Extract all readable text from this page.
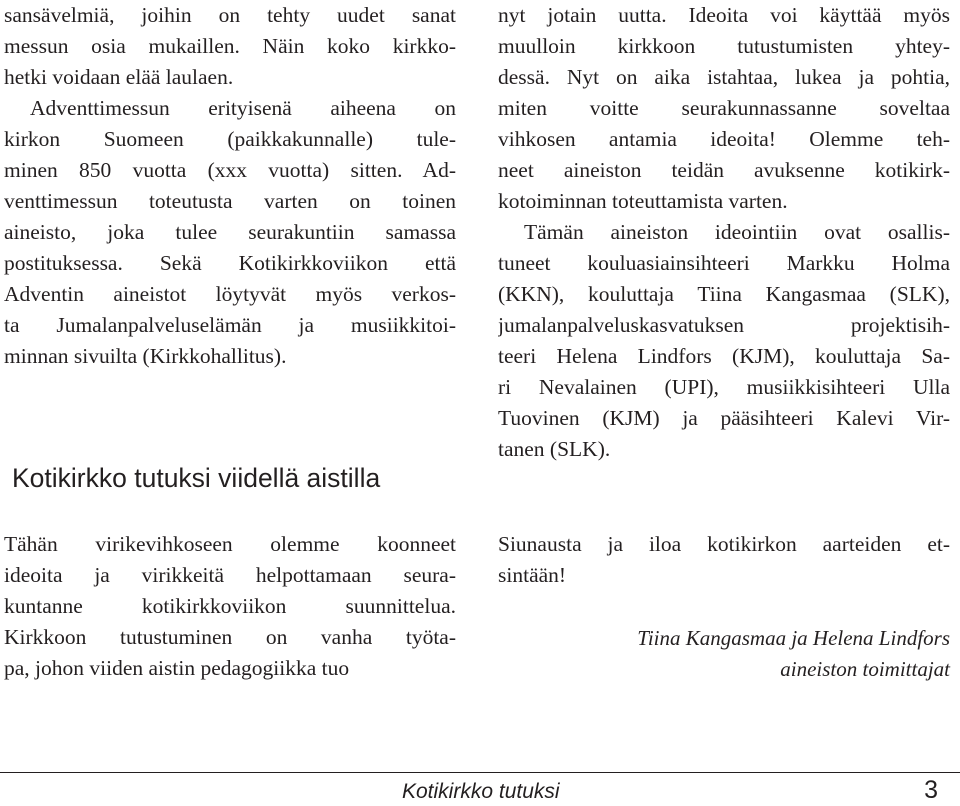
sansävelmiä, joihin on tehty uudet sanat
messun osia mukaillen. Näin koko kirkko-
hetki voidaan elää laulaen.
Adventtimessun erityisenä aiheena on
kirkon Suomeen (paikkakunnalle) tule-
minen 850 vuotta (xxx vuotta) sitten. Ad-
venttimessun toteutusta varten on toinen
aineisto, joka tulee seurakuntiin samassa
postituksessa. Sekä Kotikirkkoviikon että
Adventin aineistot löytyvät myös verkos-
ta Jumalanpalveluselämän ja musiikkitoi-
minnan sivuilta (Kirkkohallitus).
Tähän virikevihkoseen olemme koonneet
ideoita ja virikkeitä helpottamaan seura-
kuntanne kotikirkkoviikon suunnittelua.
Kirkkoon tutustuminen on vanha työta-
pa, johon viiden aistin pedagogiikka tuo
Kotikirkko tutuksi viidellä aistilla
nyt jotain uutta. Ideoita voi käyttää myös
muulloin kirkkoon tutustumisten yhtey-
dessä. Nyt on aika istahtaa, lukea ja pohtia,
miten voitte seurakunnassanne soveltaa
vihkosen antamia ideoita! Olemme teh-
neet aineiston teidän avuksenne kotikirk-
kotoiminnan toteuttamista varten.
Tämän aineiston ideointiin ovat osallis-
tuneet kouluasiainsihteeri Markku Holma
(KKN), kouluttaja Tiina Kangasmaa (SLK),
jumalanpalveluskasvatuksen projektisih-
teeri Helena Lindfors (KJM), kouluttaja Sa-
ri Nevalainen (UPI), musiikkisihteeri Ulla
Tuovinen (KJM) ja pääsihteeri Kalevi Vir-
tanen (SLK).
Siunausta ja iloa kotikirkon aarteiden et-
sintään!
Tiina Kangasmaa ja Helena Lindfors
aineiston toimittajat
Kotikirkko tutuksi	3
